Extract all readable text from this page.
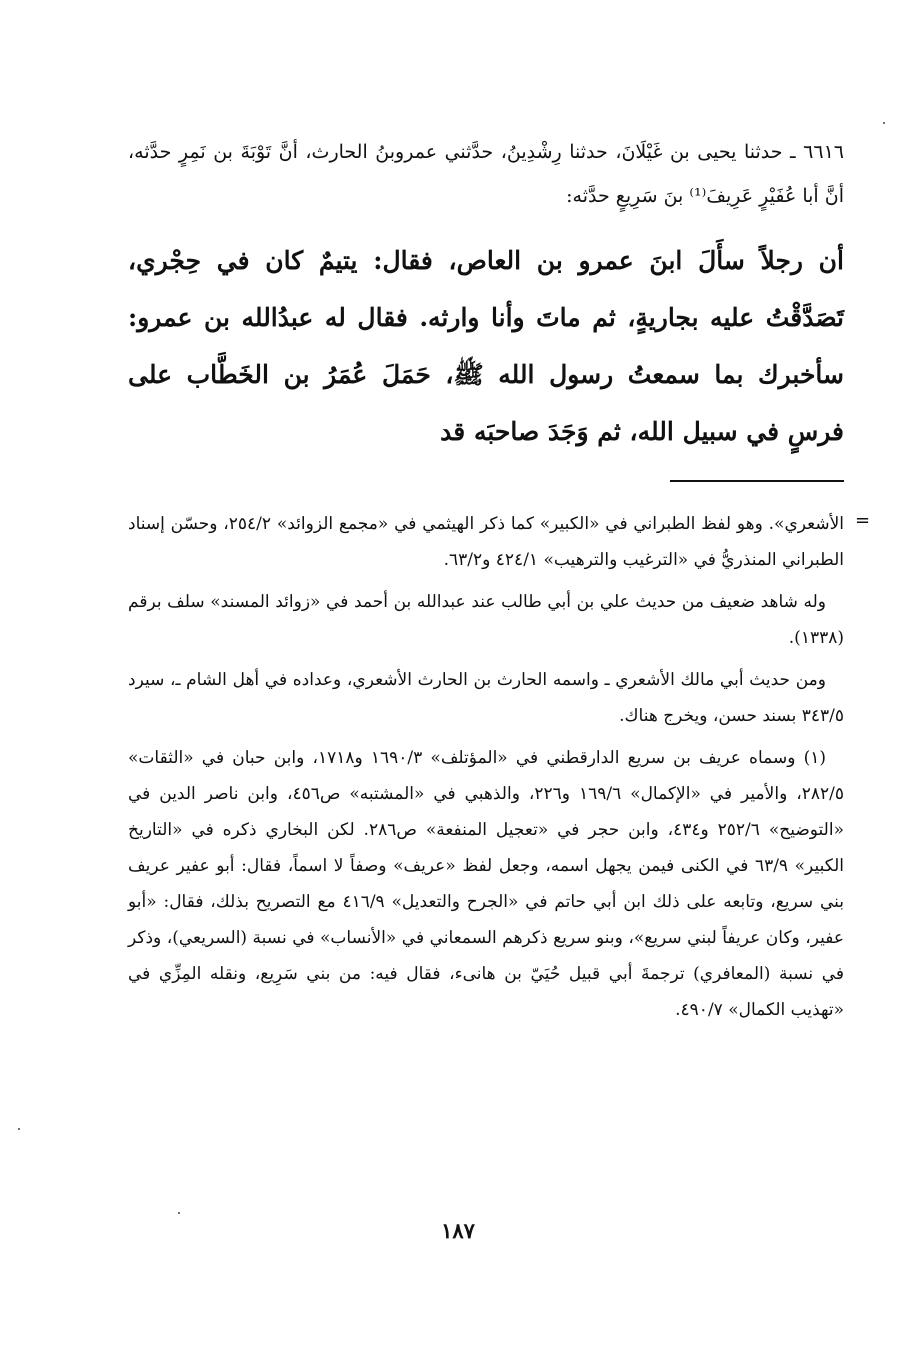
٦٦١٦ ـ حدثنا يحيى بن غَيْلَانَ، حدثنا رِشْدِينُ، حدَّثني عمروبنُ الحارث، أنَّ تَوْبَةَ بن نَمِرٍ حدَّثه، أنَّ أبا عُفَيْرٍ عَرِيفَ⁽¹⁾ بنَ سَرِيعٍ حدَّثه:
أن رجلاً سأَلَ ابنَ عمرو بن العاص، فقال: يتيمٌ كان في حِجْري، تَصَدَّقْتُ عليه بجاريةٍ، ثم ماتَ وأنا وارثه. فقال له عبدُالله بن عمرو: سأخبرك بما سمعتُ رسول الله ﷺ، حَمَلَ عُمَرُ بن الخَطَّاب على فرسٍ في سبيل الله، ثم وَجَدَ صاحبَه قد
=

الأشعري». وهو لفظ الطبراني في «الكبير» كما ذكر الهيثمي في «مجمع الزوائد» ٢٥٤/٢، وحسّن إسناد الطبراني المنذريُّ في «الترغيب والترهيب» ٤٢٤/١ و٦٣/٢.

وله شاهد ضعيف من حديث علي بن أبي طالب عند عبدالله بن أحمد في «زوائد المسند» سلف برقم (١٣٣٨).

ومن حديث أبي مالك الأشعري ـ واسمه الحارث بن الحارث الأشعري، وعداده في أهل الشام ـ، سيرد ٣٤٣/٥ بسند حسن، ويخرج هناك.

(١) وسماه عريف بن سريع الدارقطني في «المؤتلف» ١٦٩٠/٣ و١٧١٨، وابن حبان في «الثقات» ٢٨٢/٥، والأمير في «الإكمال» ١٦٩/٦ و٢٢٦، والذهبي في «المشتبه» ص٤٥٦، وابن ناصر الدين في «التوضيح» ٢٥٢/٦ و٤٣٤، وابن حجر في «تعجيل المنفعة» ص٢٨٦. لكن البخاري ذكره في «التاريخ الكبير» ٦٣/٩ في الكنى فيمن يجهل اسمه، وجعل لفظ «عريف» وصفاً لا اسماً، فقال: أبو عفير عريف بني سريع، وتابعه على ذلك ابن أبي حاتم في «الجرح والتعديل» ٤١٦/٩ مع التصريح بذلك، فقال: «أبو عفير، وكان عريفاً لبني سريع»، وبنو سريع ذكرهم السمعاني في «الأنساب» في نسبة (السريعي)، وذكر في نسبة (المعافري) ترجمةَ أبي قبيل حُيَيّ بن هانىء، فقال فيه: من بني سَرِيع، ونقله المِزِّي في «تهذيب الكمال» ٤٩٠/٧.

١٨٧
